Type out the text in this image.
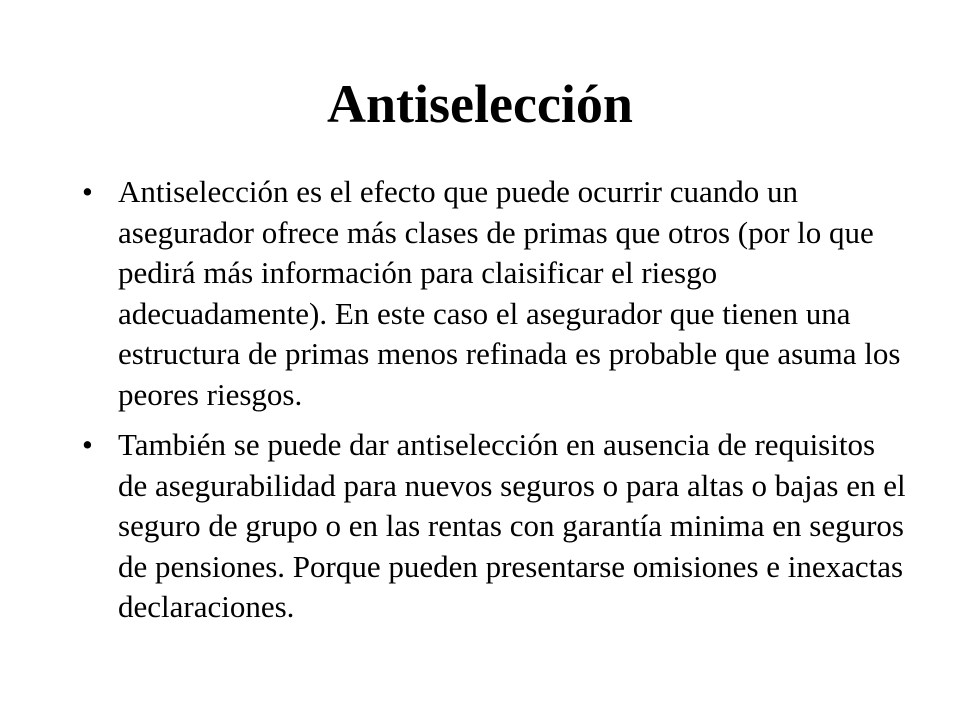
Antiselección
• Antiselección es el efecto que puede ocurrir cuando un asegurador ofrece más clases de primas que otros (por lo que pedirá más información para claisificar el riesgo adecuadamente). En este caso el asegurador que tienen una estructura de primas menos refinada es probable que asuma los peores riesgos.
• También se puede dar antiselección en ausencia de requisitos de asegurabilidad para nuevos seguros o para altas o bajas en el seguro de grupo o en las rentas con garantía minima en seguros de pensiones. Porque pueden presentarse omisiones e inexactas declaraciones.
